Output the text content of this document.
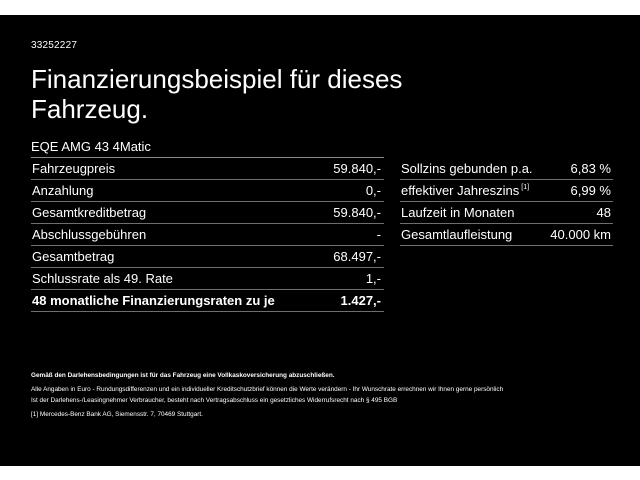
33252227
Finanzierungsbeispiel für dieses Fahrzeug.
EQE AMG 43 4Matic
Fahrzeugpreis	59.840,-
Anzahlung	0,-
Gesamtkreditbetrag	59.840,-
Abschlussgebühren	-
Gesamtbetrag	68.497,-
Schlussrate als 49. Rate	1,-
48 monatliche Finanzierungsraten zu je	1.427,-
Sollzins gebunden p.a.	6,83 %
effektiver Jahreszins [1]	6,99 %
Laufzeit in Monaten	48
Gesamtlaufleistung	40.000 km
Gemäß den Darlehensbedingungen ist für das Fahrzeug eine Vollkaskoversicherung abzuschließen.
Alle Angaben in Euro - Rundungsdifferenzen und ein individueller Kreditschutzbrief können die Werte verändern - Ihr Wunschrate errechnen wir Ihnen gerne persönlich
Ist der Darlehens-/Leasingnehmer Verbraucher, besteht nach Vertragsabschluss ein gesetzliches Widerrufsrecht nach § 495 BGB
[1] Mercedes-Benz Bank AG, Siemensstr. 7, 70469 Stuttgart.
